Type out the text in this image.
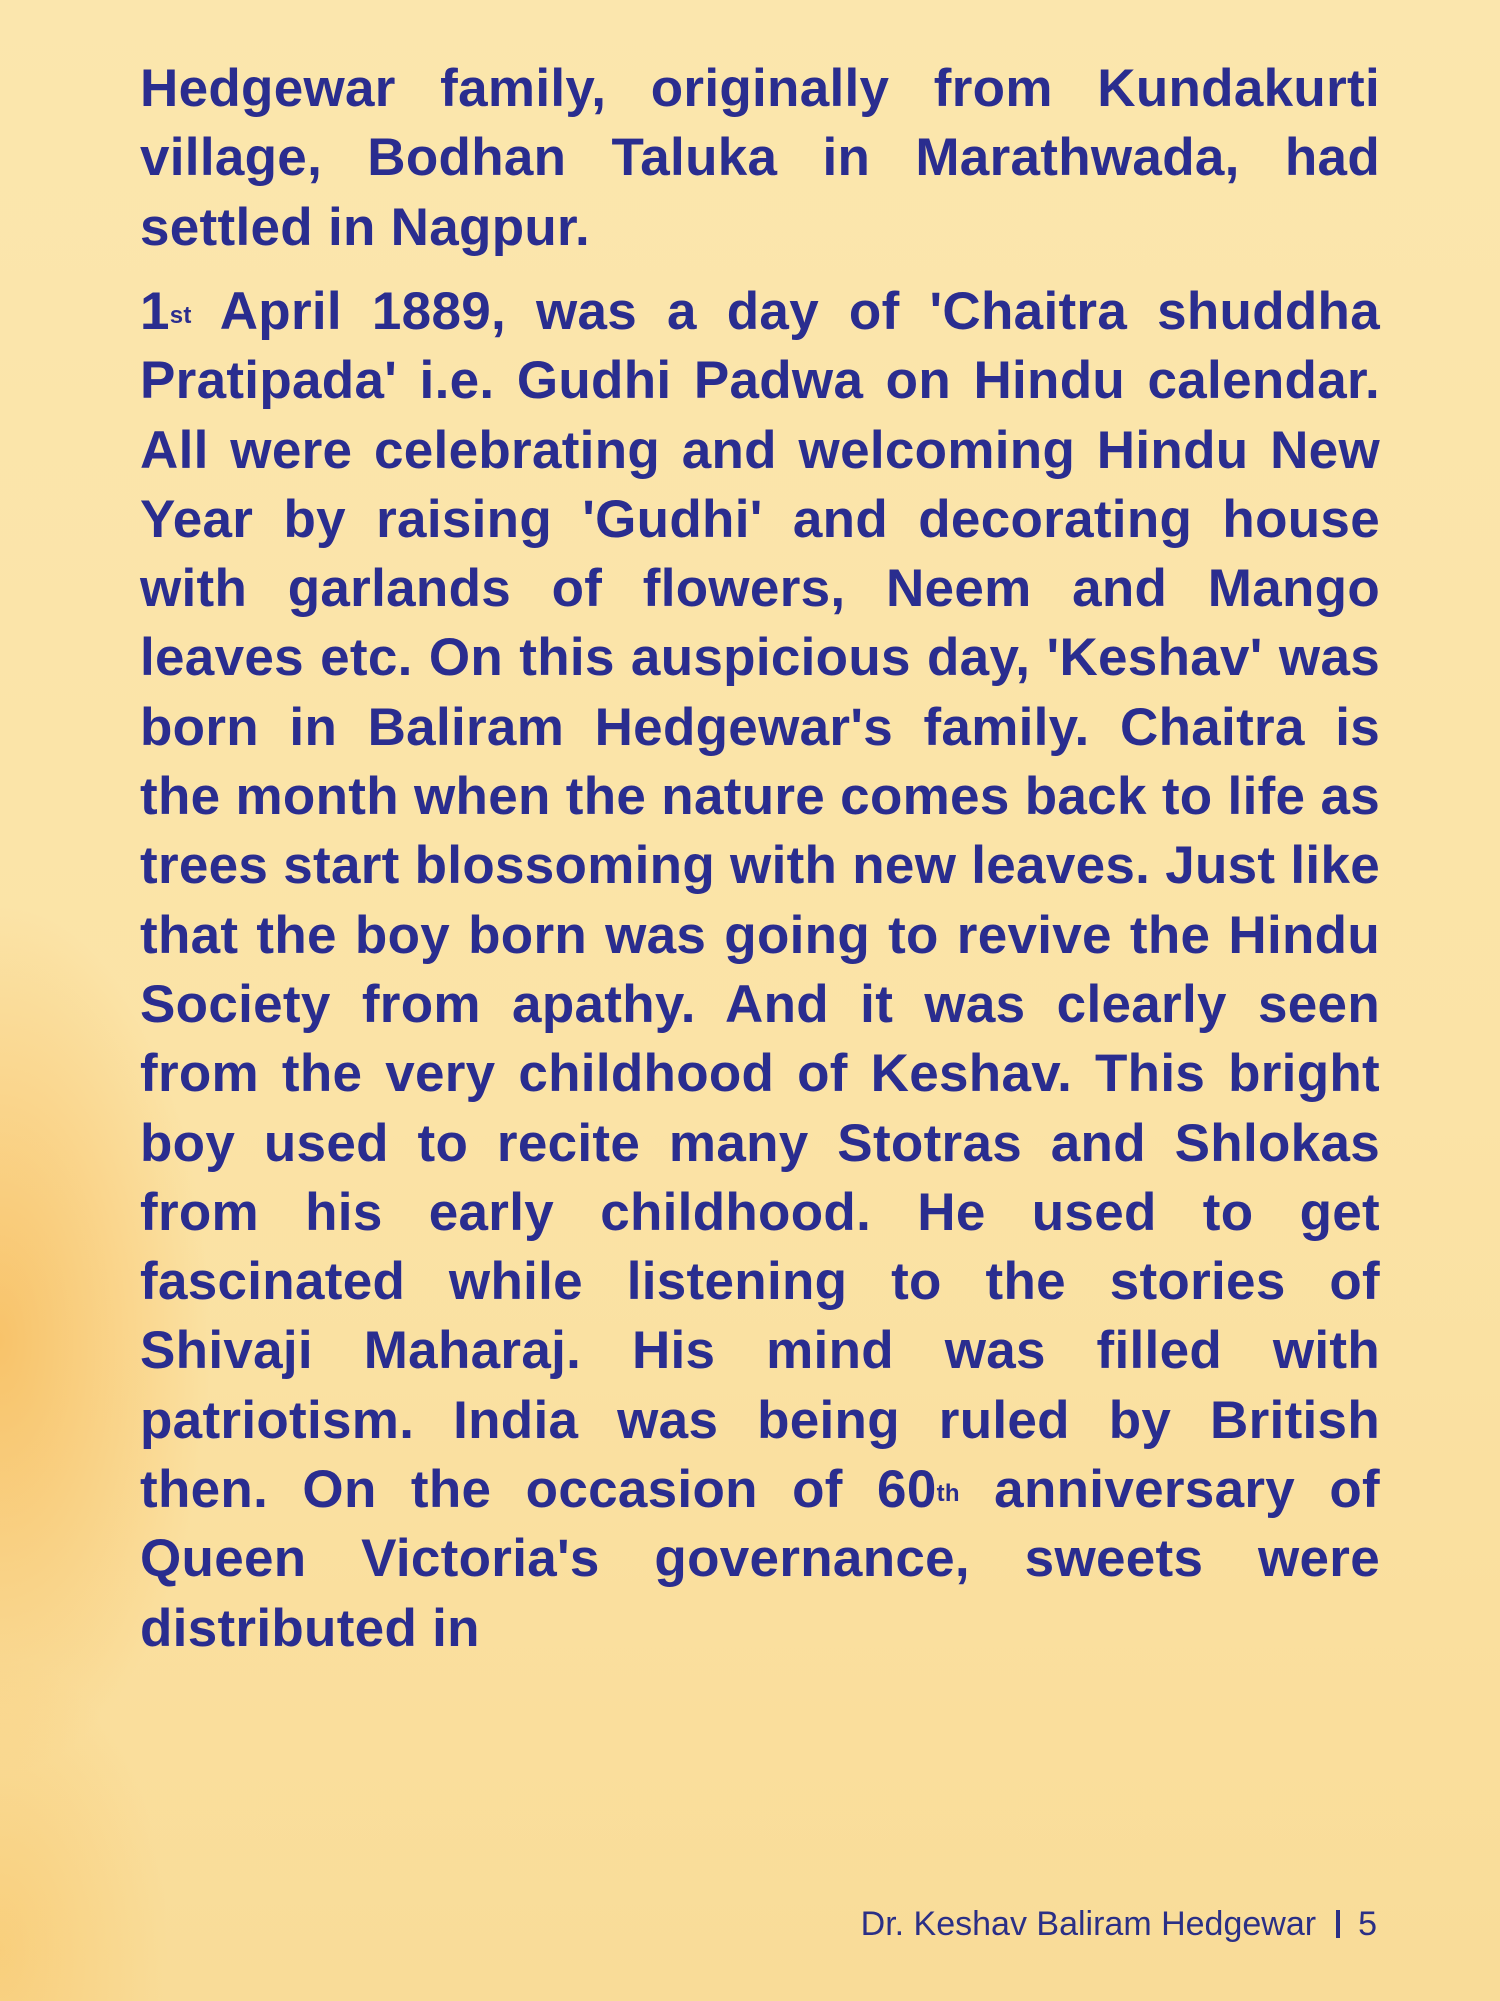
Hedgewar family, originally from Kundakurti village, Bodhan Taluka in Marathwada, had settled in Nagpur.

1st April 1889, was a day of 'Chaitra shuddha Pratipada' i.e. Gudhi Padwa on Hindu calendar. All were celebrating and welcoming Hindu New Year by raising 'Gudhi' and decorating house with garlands of flowers, Neem and Mango leaves etc. On this auspicious day, 'Keshav' was born in Baliram Hedgewar's family. Chaitra is the month when the nature comes back to life as trees start blossoming with new leaves. Just like that the boy born was going to revive the Hindu Society from apathy. And it was clearly seen from the very childhood of Keshav. This bright boy used to recite many Stotras and Shlokas from his early childhood. He used to get fascinated while listening to the stories of Shivaji Maharaj. His mind was filled with patriotism. India was being ruled by British then. On the occasion of 60th anniversary of Queen Victoria's governance, sweets were distributed in

Dr. Keshav Baliram Hedgewar 5
